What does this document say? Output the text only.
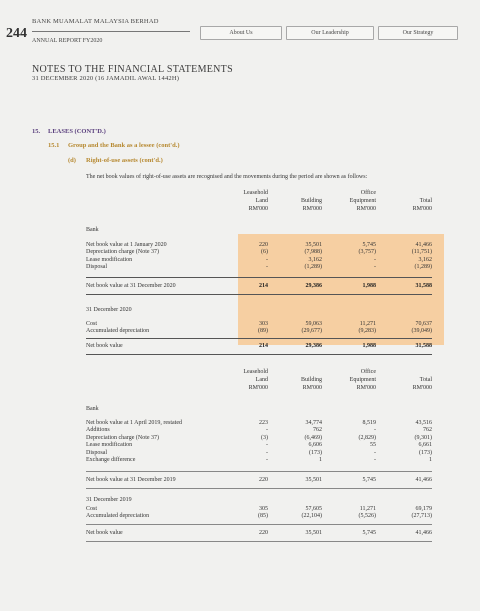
244
BANK MUAMALAT MALAYSIA BERHAD
ANNUAL REPORT FY2020
About Us	Our Leadership	Our Strategy
NOTES TO THE FINANCIAL STATEMENTS
31 DECEMBER 2020 (16 JAMADIL AWAL 1442H)
15. LEASES (CONT'D.)
15.1 Group and the Bank as a lessee (cont'd.)
(d) Right-of-use assets (cont'd.)
The net book values of right-of-use assets are recognised and the movements during the period are shown as follows:
Leasehold
Land
RM'000

Building
RM'000
Office
Equipment
RM'000

Total
RM'000
Bank
Net book value at 1 January 2020	220	35,501	5,745	41,466
Depreciation charge (Note 37)	(6)	(7,988)	(3,757)	(11,751)
Lease modification	-	3,162	-	3,162
Disposal	-	(1,289)	-	(1,289)
Net book value at 31 December 2020	214	29,386	1,988	31,588
31 December 2020
Cost	303	59,063	11,271	70,637
Accumulated depreciation	(89)	(29,677)	(9,283)	(39,049)
Net book value	214	29,386	1,988	31,588
Leasehold
Land
RM'000

Building
RM'000
Office
Equipment
RM'000

Total
RM'000
Bank
Net book value at 1 April 2019, restated	223	34,774	8,519	43,516
Additions	-	762	-	762
Depreciation charge (Note 37)	(3)	(6,469)	(2,829)	(9,301)
Lease modification	-	6,606	55	6,661
Disposal	-	(173)	-	(173)
Exchange difference	-	1	-	1
Net book value at 31 December 2019	220	35,501	5,745	41,466
31 December 2019
Cost	305	57,605	11,271	69,179
Accumulated depreciation	(85)	(22,104)	(5,526)	(27,713)
Net book value	220	35,501	5,745	41,466
